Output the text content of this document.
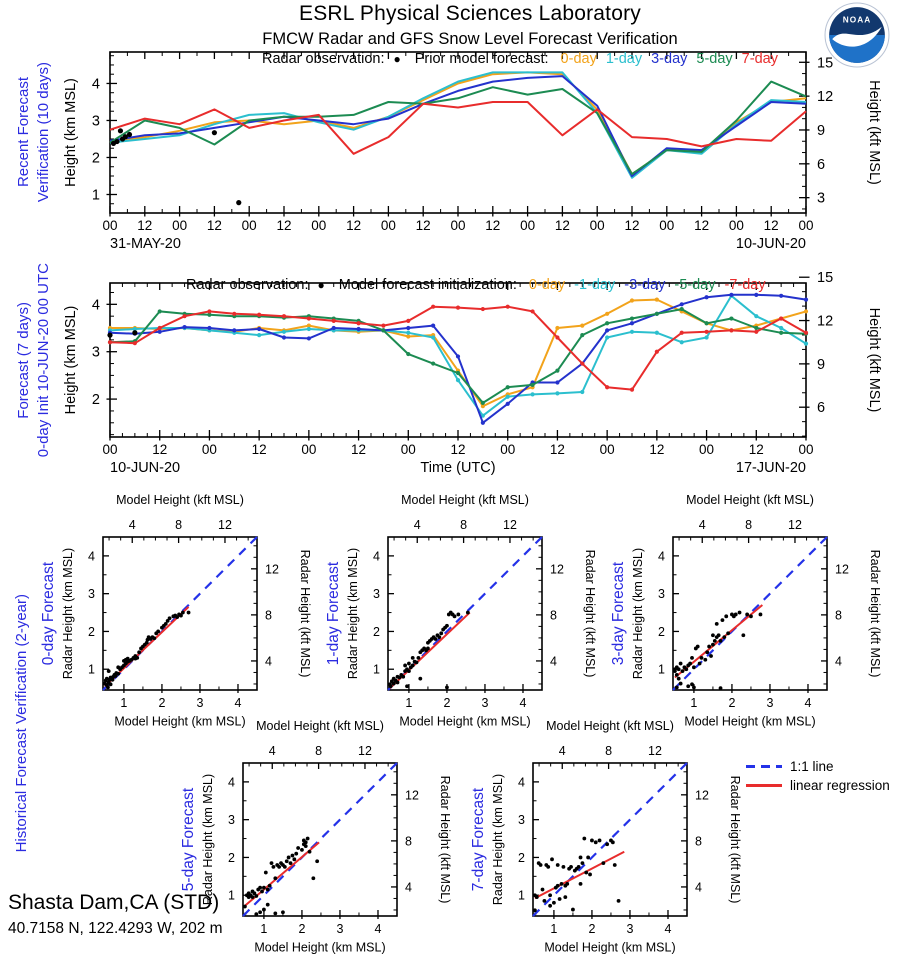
ESRL Physical Sciences Laboratory
FMCW Radar and GFS Snow Level Forecast Verification
NOAA
Recent Forecast Verification (10 days)
Forecast (7 days) 0-day Init 10-JUN-20 00 UTC
Historical Forecast Verification (2-year)
00 12 00 12 00 12 00 12 00 12 00 12 00 12 00 12 00 12 00 12 00
1
2
3
4
3
6
9
12
15
Height (km MSL)	Height (kft MSL)
31-MAY-20	10-JUN-20
00	12	00	12	00	12	00	12	00	12	00	12	00	12	00
2
3
4
6
9
12
15
Height (km MSL)	Height (kft MSL)
10-JUN-20	17-JUN-20
Time (UTC)
Radar observation: ● Prior model forecast: 0-day 1-day 3-day 5-day 7-day
Radar observation: ● Model forecast initialization: 0-day -1-day -3-day -5-day -7-day
1
1
2
2
3
3
4
4
4
4
8
8
12
12
Model Height (kft MSL)
Model Height (km MSL)
Radar Height (km MSL)	Radar Height (kft MSL)
0-day Forecast
1
1
2
2
3
3
4
4
4
4
8
8
12
12
Model Height (kft MSL)
Model Height (km MSL)
Radar Height (km MSL)	Radar Height (kft MSL)
1-day Forecast
1
1
2
2
3
3
4
4
4
4
8
8
12
12
Model Height (kft MSL)
Model Height (km MSL)
Radar Height (km MSL)	Radar Height (kft MSL)
3-day Forecast
1
1
2
2
3
3
4
4
4
4
8
8
12
12
Model Height (kft MSL)
Model Height (km MSL)
Radar Height (km MSL)	Radar Height (kft MSL)
5-day Forecast
1
1
2
2
3
3
4
4
4
4
8
8
12
12
Model Height (kft MSL)
Model Height (km MSL)
Radar Height (km MSL)	Radar Height (kft MSL)
7-day Forecast
1:1 line
linear regression
Shasta Dam,CA (STD)
40.7158 N, 122.4293 W, 202 m
